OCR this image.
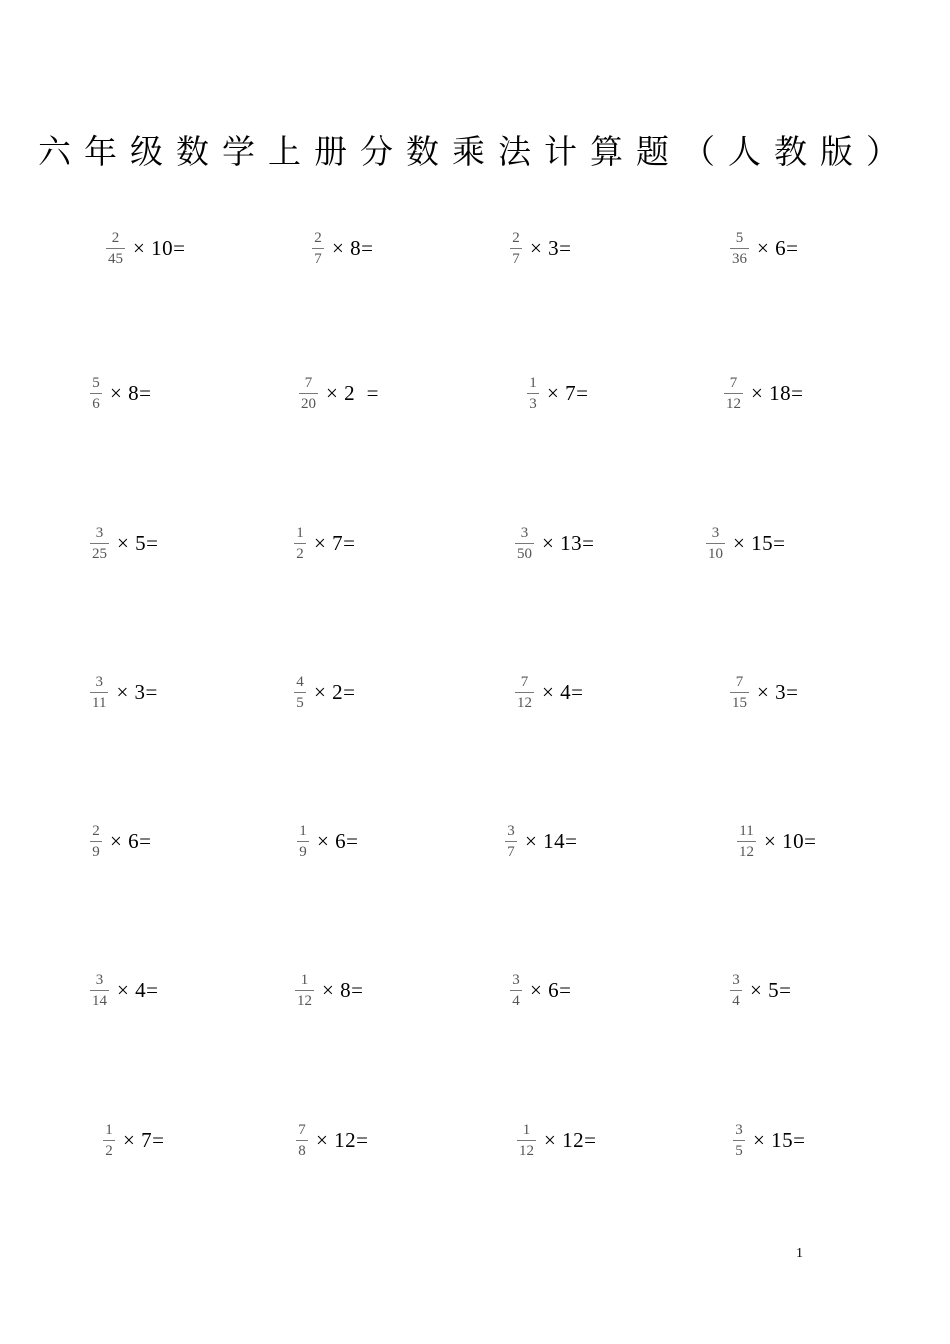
六年级数学上册分数乘法计算题（人教版）
$\frac{2}{45} \times 10=$	$\frac{2}{7} \times 8=$	$\frac{2}{7} \times 3=$	$\frac{5}{36} \times 6=$
$\frac{5}{6} \times 8=$	$\frac{7}{20} \times 2$  =	$\frac{1}{3} \times 7=$	$\frac{7}{12} \times 18=$
$\frac{3}{25} \times 5=$	$\frac{1}{2} \times 7=$	$\frac{3}{50} \times 13=$	$\frac{3}{10} \times 15=$
$\frac{3}{11} \times 3=$	$\frac{4}{5} \times 2=$	$\frac{7}{12} \times 4=$	$\frac{7}{15} \times 3=$
$\frac{2}{9} \times 6=$	$\frac{1}{9} \times 6=$	$\frac{3}{7} \times 14=$	$\frac{11}{12} \times 10=$
$\frac{3}{14} \times 4=$	$\frac{1}{12} \times 8=$	$\frac{3}{4} \times 6=$	$\frac{3}{4} \times 5=$
$\frac{1}{2} \times 7=$	$\frac{7}{8} \times 12=$	$\frac{1}{12} \times 12=$	$\frac{3}{5} \times 15=$
1
